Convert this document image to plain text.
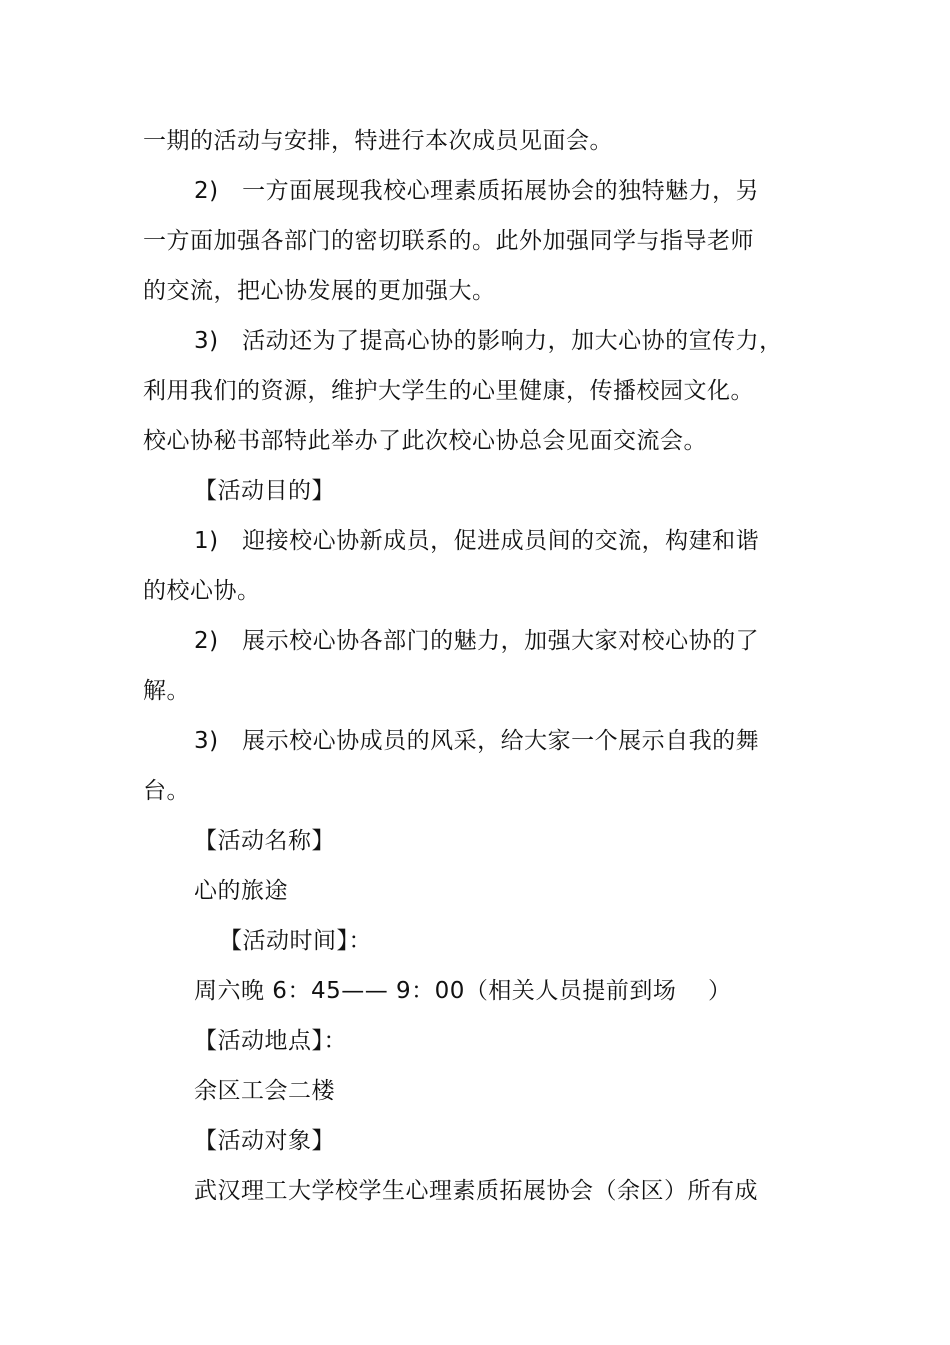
一期的活动与安排，特进行本次成员见面会。
2)　一方面展现我校心理素质拓展协会的独特魅力，另
一方面加强各部门的密切联系的。此外加强同学与指导老师
的交流，把心协发展的更加强大。
3)　活动还为了提高心协的影响力，加大心协的宣传力，
利用我们的资源，维护大学生的心里健康，传播校园文化。
校心协秘书部特此举办了此次校心协总会见面交流会。
【活动目的】
1)　迎接校心协新成员，促进成员间的交流，构建和谐
的校心协。
2)　展示校心协各部门的魅力，加强大家对校心协的了
解。
3)　展示校心协成员的风采，给大家一个展示自我的舞
台。
【活动名称】
心的旅途
【活动时间】：
周六晚 6：45—— 9：00（相关人员提前到场 ）
【活动地点】：
余区工会二楼
【活动对象】
武汉理工大学校学生心理素质拓展协会（余区）所有成
